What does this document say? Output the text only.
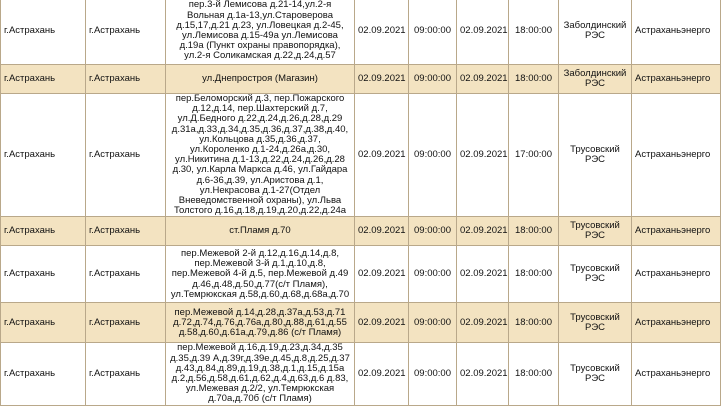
г.Астрахань	г.Астрахань	пер.3-й Лемисова д.21-14,ул.2-я Вольная д.1а-13,ул.Староверова д.15,17,д.21 д.23, ул.Ловецкая д.2-45, ул.Лемисова д.15-49а ул.Лемисова д.19а (Пункт охраны правопорядка), ул.2-я Соликамская д.22,д.24,д.57	02.09.2021	09:00:00	02.09.2021	18:00:00	Заболдинский РЭС	Астраханьэнерго
г.Астрахань	г.Астрахань	ул.Днепростроя (Магазин)	02.09.2021	09:00:00	02.09.2021	18:00:00	Заболдинский РЭС	Астраханьэнерго
г.Астрахань	г.Астрахань	пер.Беломорский д.3, пер.Пожарского д.12,д.14, пер.Шахтерский д.7, ул.Д.Бедного д.22,д.24,д.26,д.28,д.29 д.31а,д.33,д.34,д.35,д.36,д.37,д.38,д.40, ул.Кольцова д.35,д.36,д.37, ул.Короленко д.1-24,д.26а,д.30, ул.Никитина д.1-13,д.22,д.24,д.26,д.28 д.30, ул.Карла Маркса д.46, ул.Гайдара д.6-36,д.39, ул.Аристова д.1, ул.Некрасова д.1-27(Отдел Вневедомственной охраны), ул.Льва Толстого д.16,д.18,д.19,д.20,д.22,д.24а	02.09.2021	09:00:00	02.09.2021	17:00:00	Трусовский РЭС	Астраханьэнерго
г.Астрахань	г.Астрахань	ст.Пламя д.70	02.09.2021	09:00:00	02.09.2021	18:00:00	Трусовский РЭС	Астраханьэнерго
г.Астрахань	г.Астрахань	пер.Межевой 2-й д.12,д.16,д.14,д.8, пер.Межевой 3-й д.1,д.10,д.8, пер.Межевой 4-й д.5, пер.Межевой д.49 д.46,д.48,д.50,д.77(с/т Пламя), ул.Темрюкская д.58,д.60,д.68,д.68а,д.70	02.09.2021	09:00:00	02.09.2021	18:00:00	Трусовский РЭС	Астраханьэнерго
г.Астрахань	г.Астрахань	пер.Межевой д.14,д.28,д.37а,д.53,д.71 д.72,д.74,д.76,д.76а,д.80,д.88,д.61,д.55 д.58,д.60,д.61а,д.79,д.86 (с/т Пламя)	02.09.2021	09:00:00	02.09.2021	18:00:00	Трусовский РЭС	Астраханьэнерго
г.Астрахань	г.Астрахань	пер.Межевой д.16,д.19,д.23,д.34,д.35 д.35,д.39 А,д.39г,д.39е,д.45,д.8,д.25,д.37 д.43,д.84,д.89,д.19,д.38,д.1,д.15,д.15а д.2,д.56,д.58,д.61,д.62,д.4,д.63,д.6 д.83, ул.Межевая д.2/2, ул.Темрюкская д.70а,д.70б (с/т Пламя)	02.09.2021	09:00:00	02.09.2021	18:00:00	Трусовский РЭС	Астраханьэнерго
